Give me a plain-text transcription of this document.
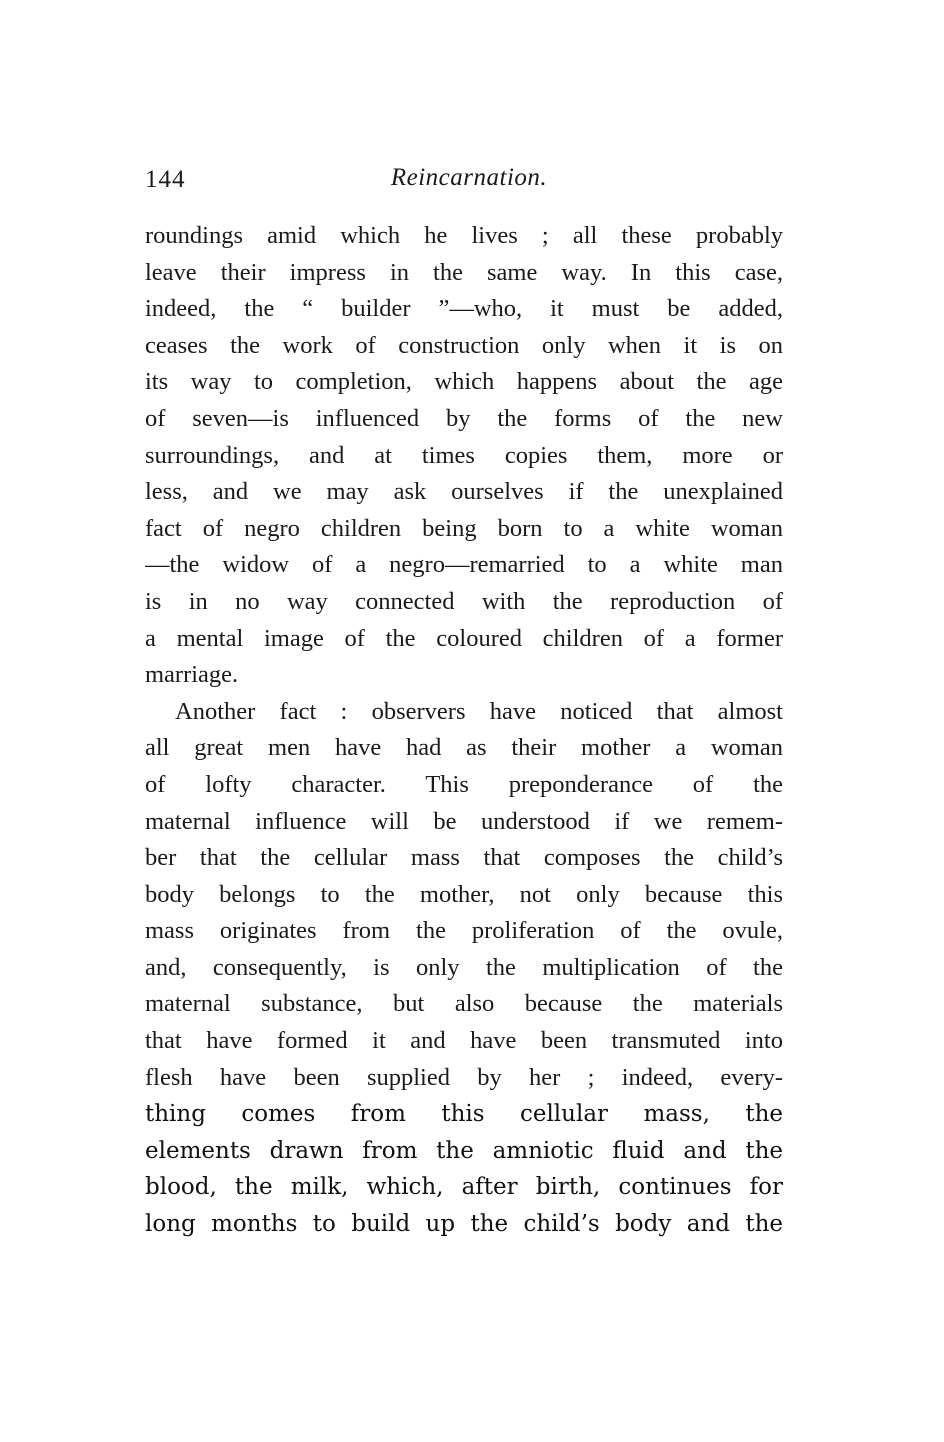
144	Reincarnation.
roundings amid which he lives ; all these probably
leave their impress in the same way. In this case,
indeed, the “ builder ”—who, it must be added,
ceases the work of construction only when it is on
its way to completion, which happens about the age
of seven—is influenced by the forms of the new
surroundings, and at times copies them, more or
less, and we may ask ourselves if the unexplained
fact of negro children being born to a white woman
—the widow of a negro—remarried to a white man
is in no way connected with the reproduction of
a mental image of the coloured children of a former
marriage.
Another fact : observers have noticed that almost
all great men have had as their mother a woman
of lofty character. This preponderance of the
maternal influence will be understood if we remem-
ber that the cellular mass that composes the child’s
body belongs to the mother, not only because this
mass originates from the proliferation of the ovule,
and, consequently, is only the multiplication of the
maternal substance, but also because the materials
that have formed it and have been transmuted into
flesh have been supplied by her ; indeed, every-
thing comes from this cellular mass, the
elements drawn from the amniotic fluid and the
blood, the milk, which, after birth, continues for
long months to build up the child’s body and the
